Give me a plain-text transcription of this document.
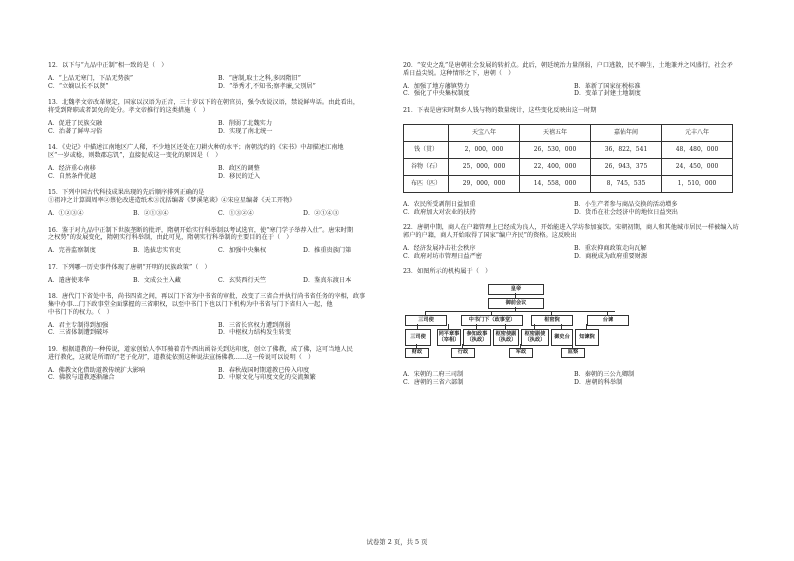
12．以下与“九品中正制”相一致的是（　）
A．“上品无寒门，下品无势族”	B．“唐制,取士之科,多因隋旧”
C．“立嫡以长不以贤”	D．“举秀才,不知书;察孝廉,父别居”
13．北魏孝文帝改革规定，国家以汉语为正音，三十岁以下的在朝官员，强令改说汉语，禁说鲜卑话。由此看出，
将受到降职或者罢免的处分。孝文帝推行的这类措施（　）
A．促进了民族交融	B．削弱了北魏实力
C．治著了鲜卑习俗	D．实现了南北统一
14．《史记》中描述江南地区广人稀，不少地区还处在刀耕火种的水平；南朝沈约的《宋书》中却描述江南地
区“一岁或稔，则数郡忘饥”，直接促成这一变化的原因是（　）
A．经济重心南移	B．政区的调整
C．自然条件优越	D．移民的迁入
15．下列中国古代科技成果出现的先后顺序排列正确的是
①祖冲之计算圆周率②蔡伦改进造纸术③沈括编著《梦溪笔谈》④宋应星编著《天工开物》
A．①②③④	B．②①③④	C．①③②④	D．②①④③
16．鉴于对九品中正制下世族垄断的批评，隋朝开始实行科举制以考试选官，使“寒门学子举荐入仕”。唐宋时期
之权势”的发展变化，隋朝实行科举制，由此可见，隋朝实行科举制的主要目的在于（　）
A．完善监察制度	B．选拔忠实官吏	C．加强中央集权	D．推重贵族门第
17．下列哪一历史事件体现了唐朝“开明的民族政策”（　）
A．遣唐使来华	B．文成公主入藏	C．玄奘西行天竺	D．鉴真东渡日本
18．唐代门下省处中书，尚书四省之间，再以门下省为中书省的审批，改变了三省合并执行尚书省任务的宰相，政事
集中办事…门下政事堂全面掌握的三省职权，以至中书门下也以门下机构为中书省与门下省归入一起，他
中书门下的权力。（　）
A．君主专制得到加强	B．三省长官权力遭到削弱
C．三省体制遭到破坏	D．中枢权力结构发生转变
19．根据道教的一种传说，道家创始人李耳骑着青牛西出函谷关到达印度，创立了佛教，成了佛，这可当地人民
进行教化，这就是所谓的“老子化胡”，道教徒依照这种说法宣扬佛教……这一传说可以说明（　）
A．佛教文化借助道教传统扩大影响	B．春秋战国时期道教已传入印度
C．佛教与道教逐渐融合	D．中原文化与印度文化的交流频繁
20．“安史之乱”是唐朝社会发展的转折点。此后，朝廷统治力量削弱，户口逃散，民不聊生，土地兼并之风盛行，社会矛
盾日益尖锐。这种情形之下，唐朝（　）
A．加强了地方藩镇势力	B．革新了国家征税标准
C．强化了中央集权制度	D．变革了封建土地制度
21．下表是唐宋时期乡人钱与物的数量统计，这些变化反映出这一时期
	天宝八年	天禧五年	嘉佑年间	元丰八年
钱（贯）	2，000，000	26，530，000	36，822，541	48，480，000
谷物（石）	25，000，000	22，400，000	26，943，375	24，450，000
布匹（匹）	29，000，000	14，558，000	8，745，535	1，510，000
A．农民所受剥削日益加重	B．小生产者参与商品交换的活动增多
C．政府加大对农业的扶持	D．货币在社会经济中的地位日益突出
22．唐朝中期，商人在户籍管理上已经成为良人，开始能进入学坊参加宴饮。宋朝初期，商人和其他城市居民一样被编入坊
郭户的户籍，商人开始取得了国家“编户齐民”的资格。这反映出
A．经济发展冲击社会秩序	B．重农抑商政策走向瓦解
C．政府对坊市管理日益严密	D．商税成为政府重要财源
23．如图所示的机构属于（　）
皇帝
御前会议
三司使	中书门下（政事堂）	枢密院	台谏
三司使	同平章事
（宰相）
参知政事
（执政）
枢密使副
（执政）
枢密副使
（执政）	御史台	知谏院
财政	行政	军政	监察
A．宋朝的二府三司制	B．秦朝的三公九卿制
C．唐朝的三省六部制	D．唐朝的科举制
试卷第 2 页，共 5 页
